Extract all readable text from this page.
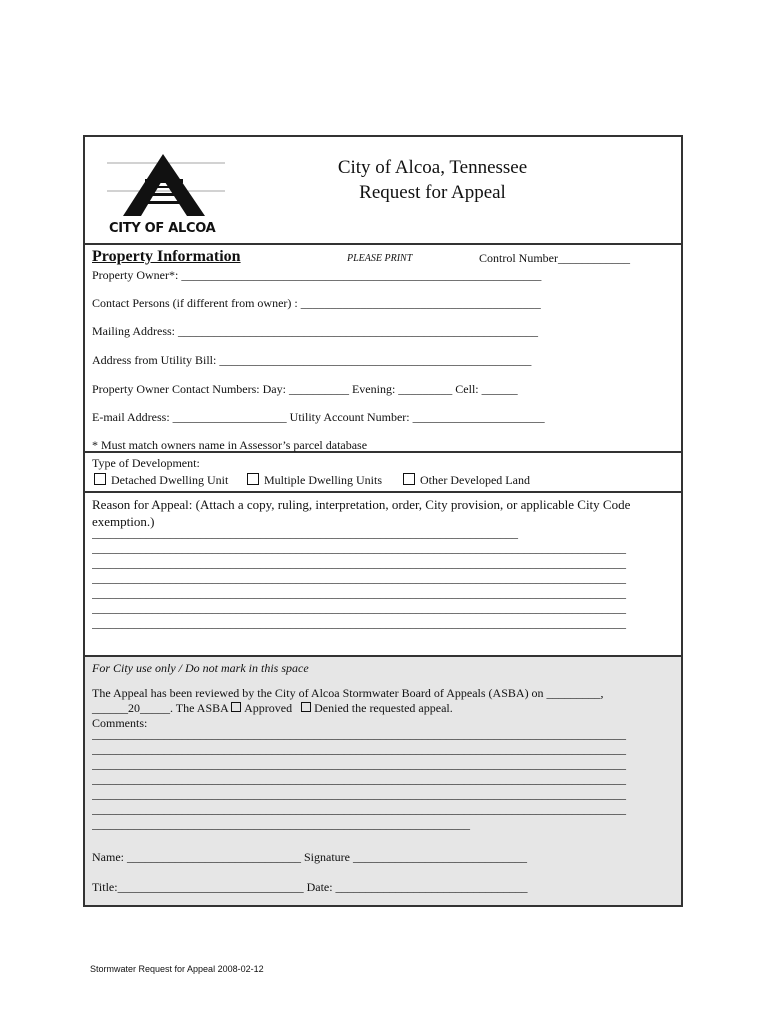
CITY OF ALCOA
City of Alcoa, Tennessee
Request for Appeal
Property Information	PLEASE PRINT	Control Number____________
Property Owner*: ____________________________________________________________
Contact Persons (if different from owner) : ________________________________________
Mailing Address: ____________________________________________________________
Address from Utility Bill: ____________________________________________________
Property Owner Contact Numbers: Day: __________ Evening: _________ Cell: ______
E-mail Address: ___________________ Utility Account Number: ______________________
* Must match owners name in Assessor’s parcel database
Type of Development:
Detached Dwelling Unit	Multiple Dwelling Units	Other Developed Land
Reason for Appeal: (Attach a copy, ruling, interpretation, order, City provision, or applicable City Code
exemption.)
_______________________________________________________________________
_________________________________________________________________________________________
_________________________________________________________________________________________
_________________________________________________________________________________________
_________________________________________________________________________________________
_________________________________________________________________________________________
_________________________________________________________________________________________
For City use only / Do not mark in this space
The Appeal has been reviewed by the City of Alcoa Stormwater Board of Appeals (ASBA) on _________,
______20_____. The ASBA Approved Denied the requested appeal.
Comments:
_________________________________________________________________________________________
_________________________________________________________________________________________
_________________________________________________________________________________________
_________________________________________________________________________________________
_________________________________________________________________________________________
_________________________________________________________________________________________
_______________________________________________________________
Name: _____________________________ Signature _____________________________
Title:_______________________________ Date: ________________________________
Stormwater Request for Appeal 2008-02-12
